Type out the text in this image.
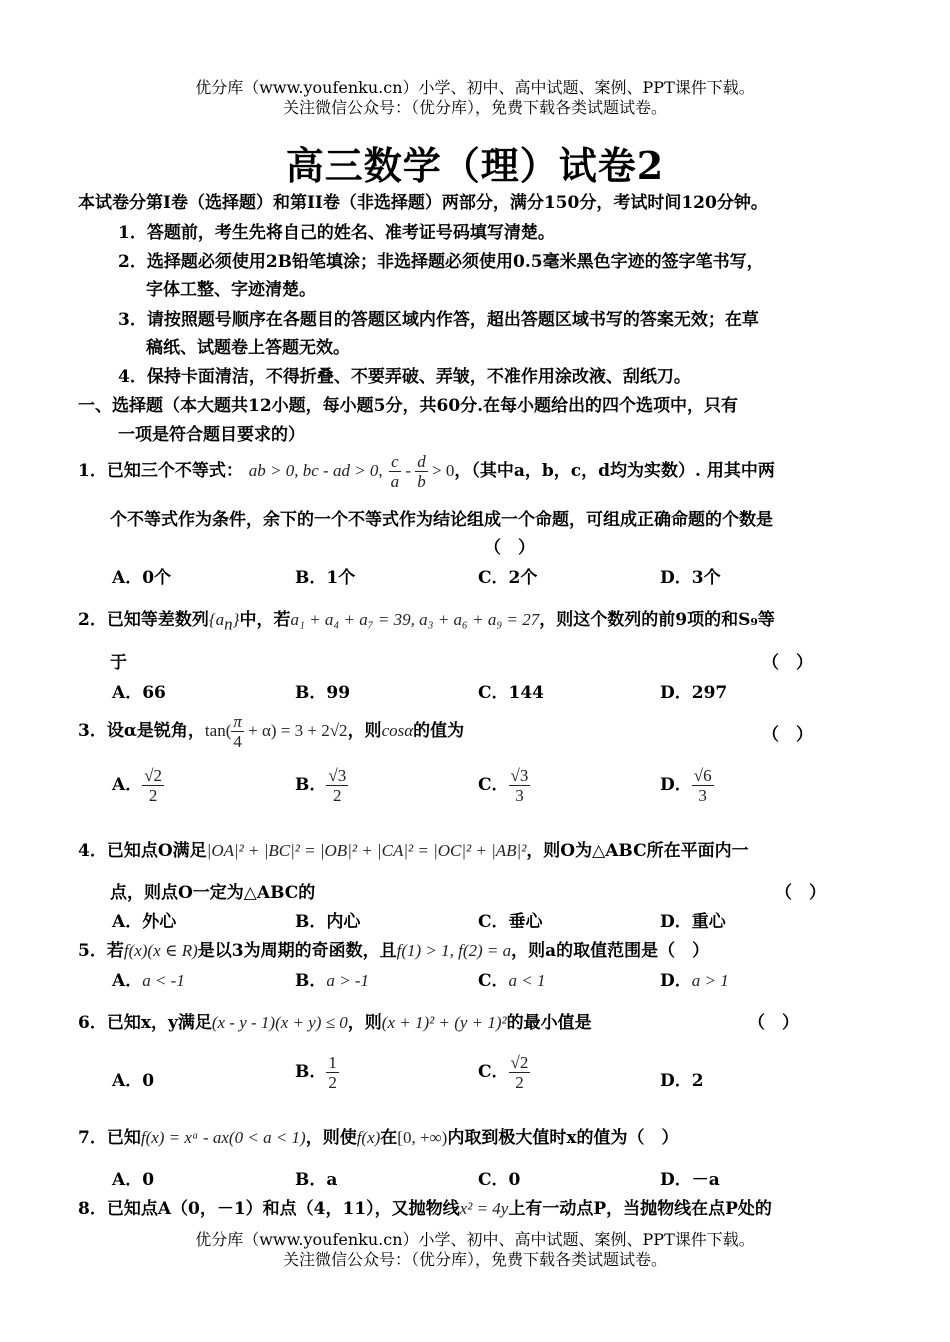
优分库（www.youfenku.cn）小学、初中、高中试题、案例、PPT课件下载。
关注微信公众号：（优分库），免费下载各类试题试卷。
高三数学（理）试卷2
本试卷分第I卷（选择题）和第II卷（非选择题）两部分，满分150分，考试时间120分钟。
1．答题前，考生先将自己的姓名、准考证号码填写清楚。
2．选择题必须使用2B铅笔填涂；非选择题必须使用0.5毫米黑色字迹的签字笔书写，
字体工整、字迹清楚。
3．请按照题号顺序在各题目的答题区域内作答，超出答题区域书写的答案无效；在草
稿纸、试题卷上答题无效。
4．保持卡面清洁，不得折叠、不要弄破、弄皱，不准作用涂改液、刮纸刀。
一、选择题（本大题共12小题，每小题5分，共60分.在每小题给出的四个选项中，只有
一项是符合题目要求的）
1．已知三个不等式： ab > 0, bc - ad > 0, $\frac{c}{a} - \frac{d}{b} > 0$，（其中a，b，c，d均为实数）. 用其中两
个不等式作为条件，余下的一个不等式作为结论组成一个命题，可组成正确命题的个数是
（　）
A．0个	B．1个	C．2个	D．3个
2．已知等差数列$\{a_n\}$中，若a₁ + a₄ + a₇ = 39, a₃ + a₆ + a₉ = 27，则这个数列的前9项的和S₉等
于	（　）
A．66	B．99	C．144	D．297
3．设α是锐角，$\tan( \frac{\pi}{4} + \alpha) = 3 + 2√2$，则cosα的值为	（　）
A． $\frac{√2}{2}$	B． $\frac{√3}{2}$	C． $\frac{√3}{3}$	D． $\frac{√6}{3}$
4．已知点O满足|OA|² + |BC|² = |OB|² + |CA|² = |OC|² + |AB|²，则O为△ABC所在平面内一
点，则点O一定为△ABC的	（　）
A．外心	B．内心	C．垂心	D．重心
5．若f(x)(x ∈ R)是以3为周期的奇函数，且f(1) > 1, f(2) = a，则a的取值范围是（　）
A．a < -1	B．a > -1	C．a < 1	D．a > 1
6．已知x，y满足(x - y - 1)(x + y) ≤ 0，则(x + 1)² + (y + 1)²的最小值是	（　）
A．0	B． $\frac{1}{2}$	C． $\frac{√2}{2}$	D．2
7．已知f(x) = xᵃ - ax(0 < a < 1)，则使f(x)在[0, +∞)内取到极大值时x的值为（　）
A．0	B．a	C．0	D．－a
8．已知点A（0，－1）和点（4，11），又抛物线x² = 4y上有一动点P，当抛物线在点P处的
优分库（www.youfenku.cn）小学、初中、高中试题、案例、PPT课件下载。
关注微信公众号：（优分库），免费下载各类试题试卷。
